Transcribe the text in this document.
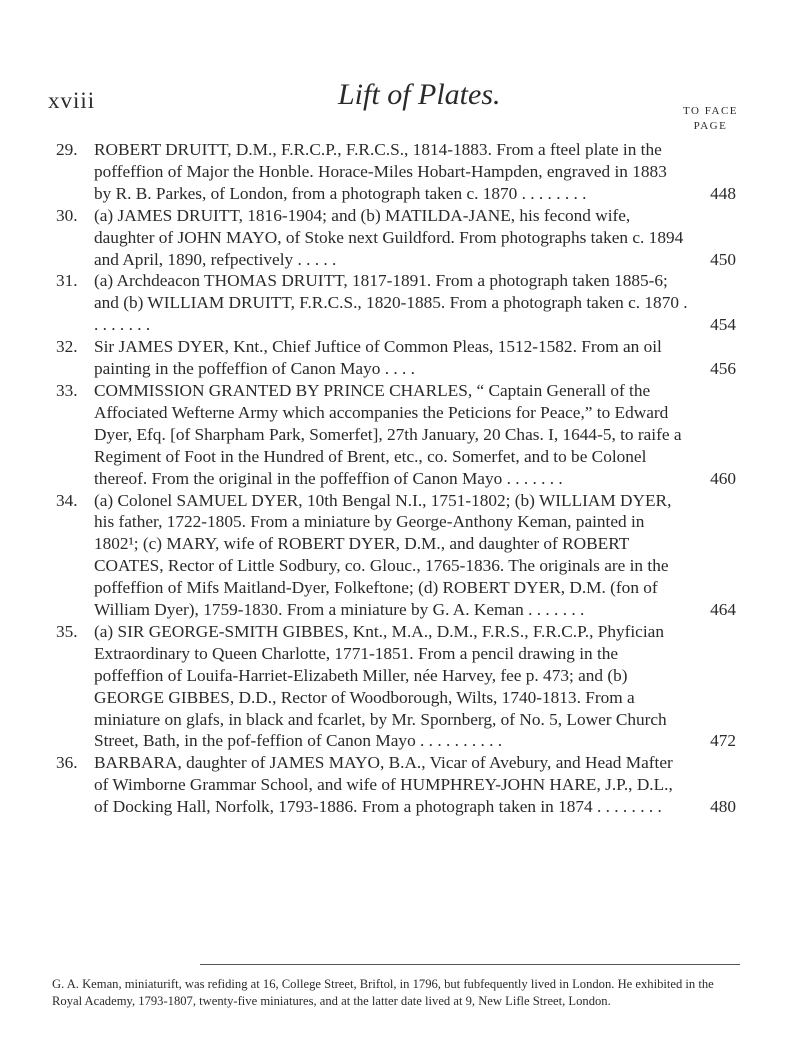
xviii	Lift of Plates.	TO FACE
PAGE

29. ROBERT DRUITT, D.M., F.R.C.P., F.R.C.S., 1814-1883. From a fteel plate in the poffeffion of Major the Honble. Horace-Miles Hobart-Hampden, engraved in 1883 by R. B. Parkes, of London, from a photograph taken c. 1870 . . . . . . . .	448

30. (a) JAMES DRUITT, 1816-1904; and (b) MATILDA-JANE, his fecond wife, daughter of JOHN MAYO, of Stoke next Guildford. From photographs taken c. 1894 and April, 1890, refpectively . . . . .	450

31. (a) Archdeacon THOMAS DRUITT, 1817-1891. From a photograph taken 1885-6; and (b) WILLIAM DRUITT, F.R.C.S., 1820-1885. From a photograph taken c. 1870 . . . . . . . .	454

32. Sir JAMES DYER, Knt., Chief Juftice of Common Pleas, 1512-1582. From an oil painting in the poffeffion of Canon Mayo . . . .	456

33. COMMISSION GRANTED BY PRINCE CHARLES, “ Captain Generall of the Affociated Wefterne Army which accompanies the Peticions for Peace,” to Edward Dyer, Efq. [of Sharpham Park, Somerfet], 27th January, 20 Chas. I, 1644-5, to raife a Regiment of Foot in the Hundred of Brent, etc., co. Somerfet, and to be Colonel thereof. From the original in the poffeffion of Canon Mayo . . . . . . .	460

34. (a) Colonel SAMUEL DYER, 10th Bengal N.I., 1751-1802; (b) WILLIAM DYER, his father, 1722-1805. From a miniature by George-Anthony Keman, painted in 1802¹; (c) MARY, wife of ROBERT DYER, D.M., and daughter of ROBERT COATES, Rector of Little Sodbury, co. Glouc., 1765-1836. The originals are in the poffeffion of Mifs Maitland-Dyer, Folkeftone; (d) ROBERT DYER, D.M. (fon of William Dyer), 1759-1830. From a miniature by G. A. Keman . . . . . . .	464

35. (a) SIR GEORGE-SMITH GIBBES, Knt., M.A., D.M., F.R.S., F.R.C.P., Phyfician Extraordinary to Queen Charlotte, 1771-1851. From a pencil drawing in the poffeffion of Louifa-Harriet-Elizabeth Miller, née Harvey, fee p. 473; and (b) GEORGE GIBBES, D.D., Rector of Woodborough, Wilts, 1740-1813. From a miniature on glafs, in black and fcarlet, by Mr. Spornberg, of No. 5, Lower Church Street, Bath, in the pof-feffion of Canon Mayo . . . . . . . . . .	472

36. BARBARA, daughter of JAMES MAYO, B.A., Vicar of Avebury, and Head Mafter of Wimborne Grammar School, and wife of HUMPHREY-JOHN HARE, J.P., D.L., of Docking Hall, Norfolk, 1793-1886. From a photograph taken in 1874 . . . . . . . .	480

G. A. Keman, miniaturift, was refiding at 16, College Street, Briftol, in 1796, but fubfequently lived in London. He exhibited in the Royal Academy, 1793-1807, twenty-five miniatures, and at the latter date lived at 9, New Lifle Street, London.
